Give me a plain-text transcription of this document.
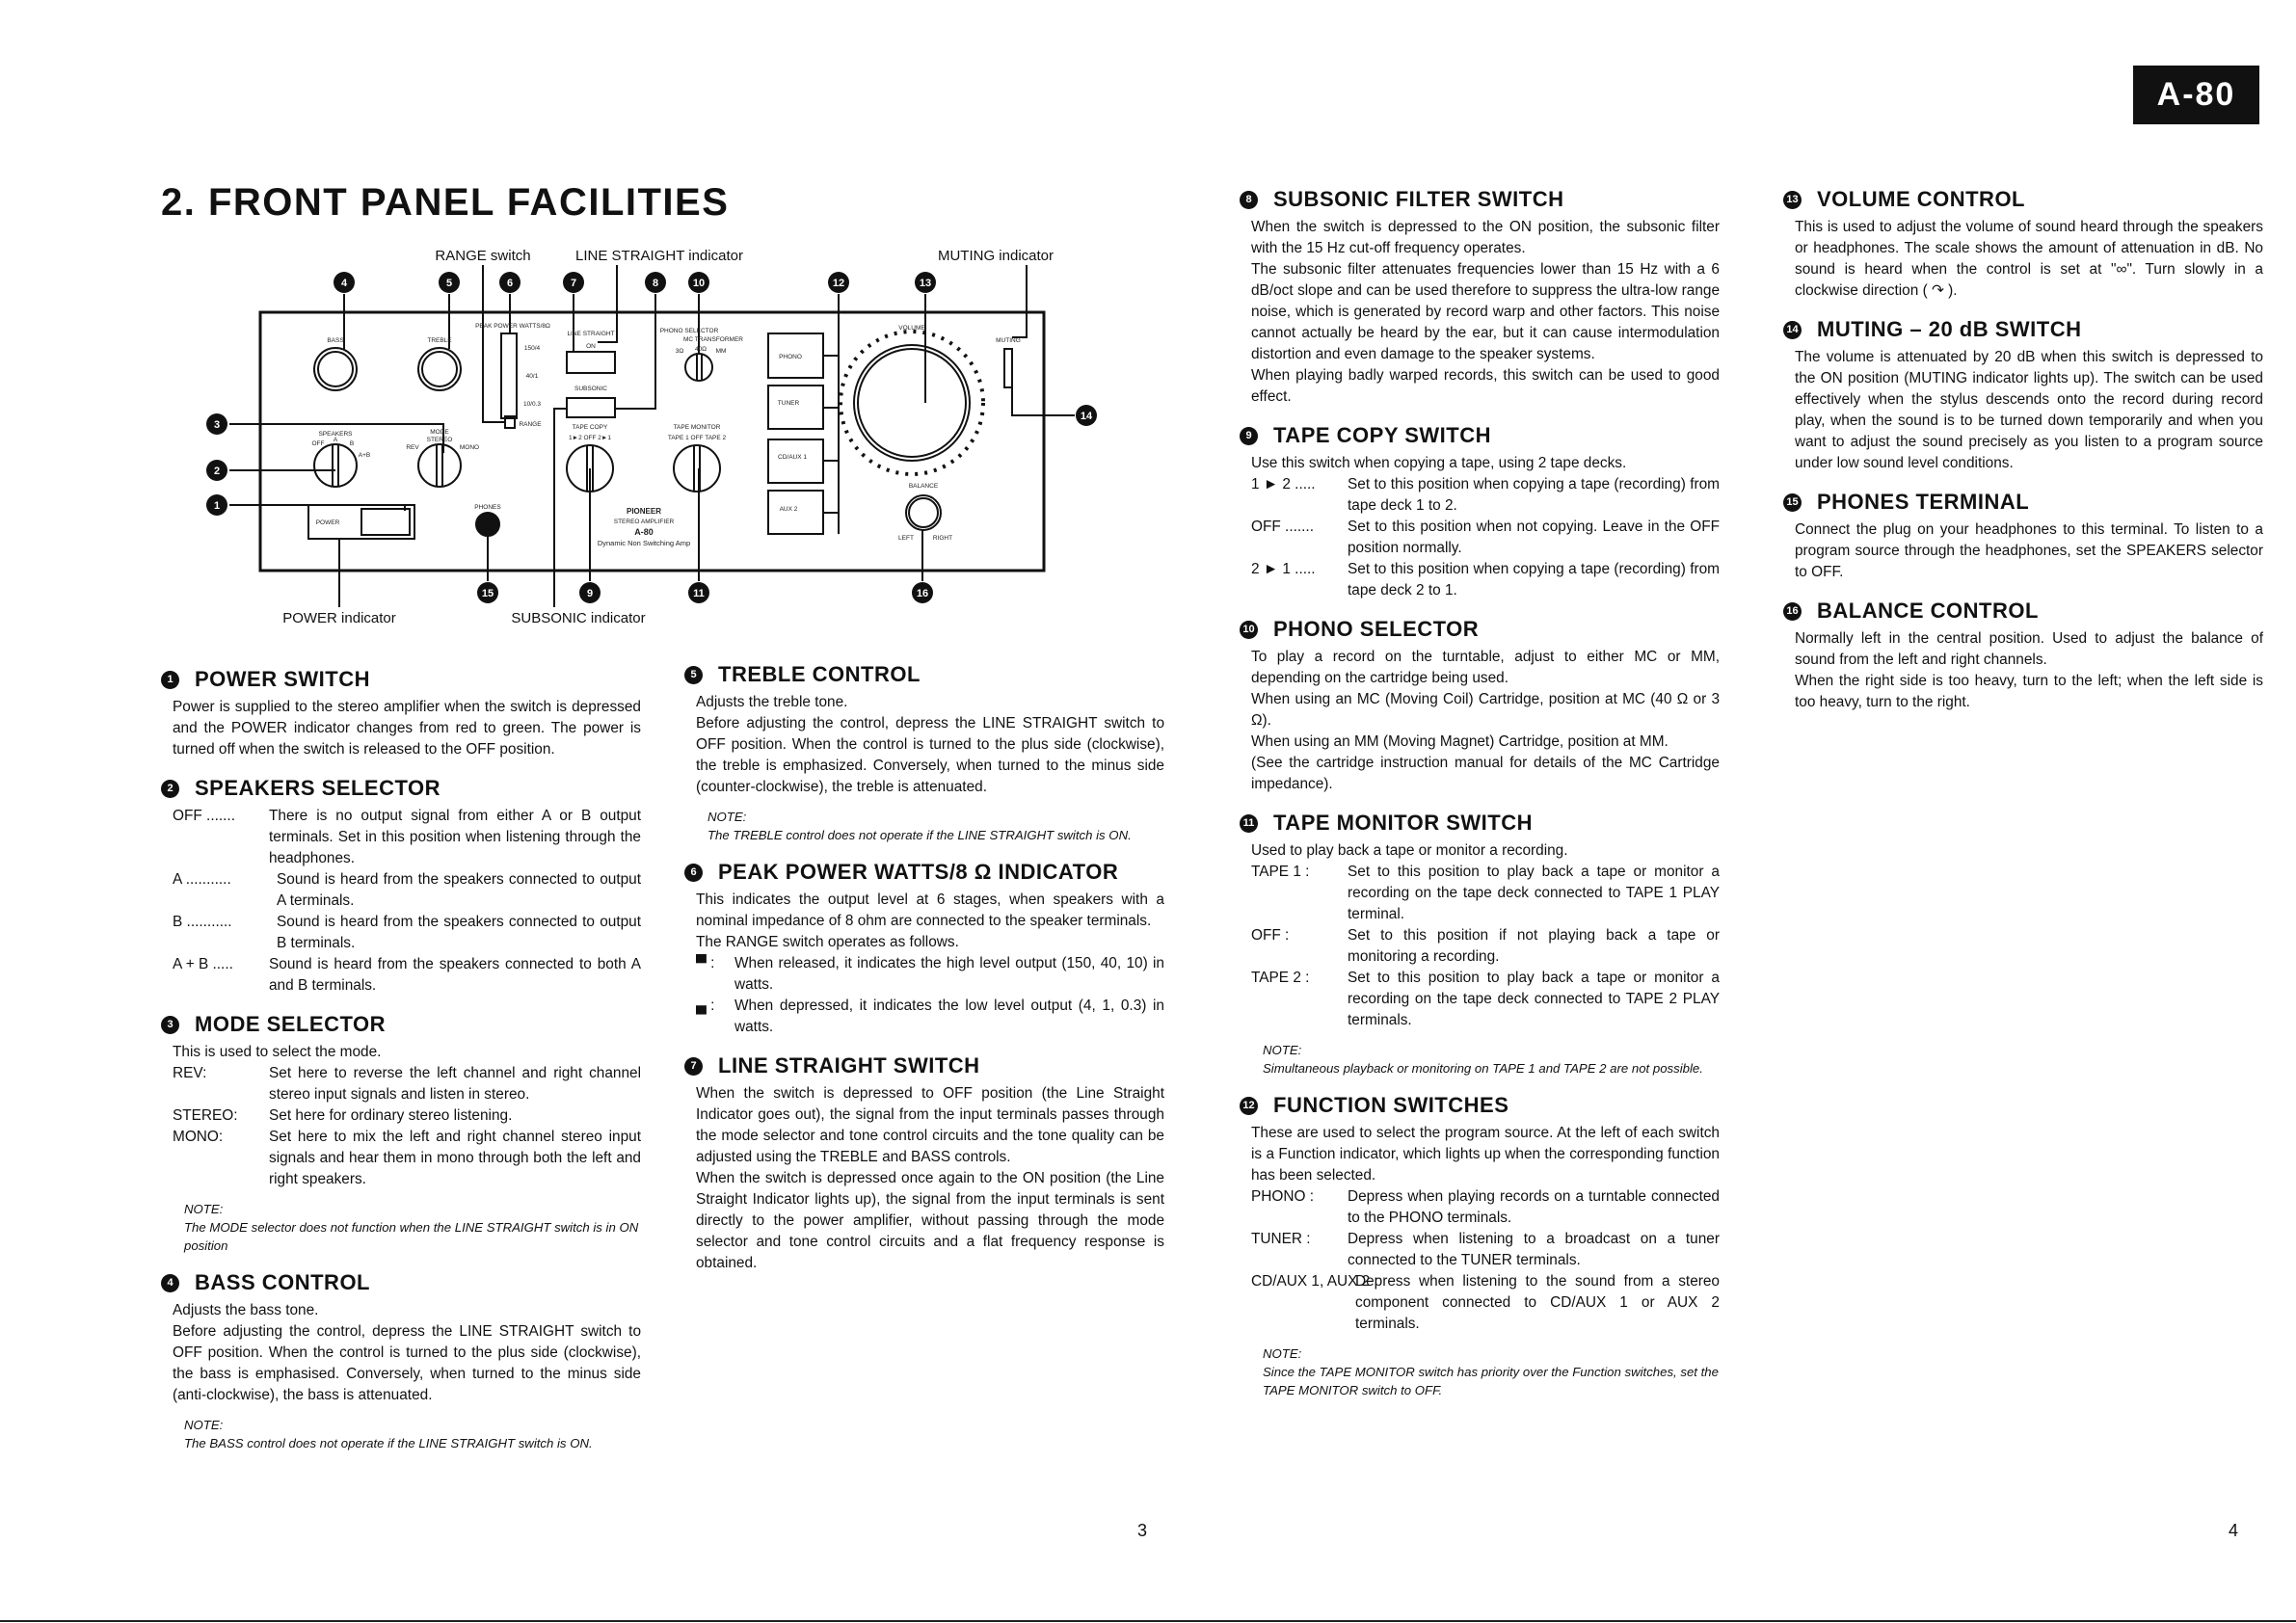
2. FRONT PANEL FACILITIES
A-80
RANGE switch	LINE STRAIGHT indicator	MUTING indicator
POWER indicator	SUBSONIC indicator
BASS	TREBLE
PEAK POWER WATTS/8Ω
150/4
40/1
10/0.3
RANGE
LINE STRAIGHT
ON
SUBSONIC
PHONO SELECTOR
MC TRANSFORMER
3Ω 40Ω MM
PHONO
TUNER
CD/AUX 1
AUX 2
VOLUME
MUTING
SPEAKERS
OFF
A
B
A+B
MODE
REV
STEREO
MONO
TAPE COPY
1►2 OFF 2►1
TAPE MONITOR
TAPE 1 OFF TAPE 2
POWER
PHONES	PIONEER
STEREO AMPLIFIER
A-80
Dynamic Non Switching Amp
BALANCE
LEFT	RIGHT
1
2
3
4	5	6	7	8
9
10
11
12	13
14
15	16
1 POWER SWITCH

Power is supplied to the stereo amplifier when the switch is depressed and the POWER indicator changes from red to green. The power is turned off when the switch is released to the OFF position.

2 SPEAKERS SELECTOR
OFF .......	There is no output signal from either A or B output terminals. Set in this position when listening through the headphones.
A ...........	Sound is heard from the speakers connected to output A terminals.
B ...........	Sound is heard from the speakers connected to output B terminals.
A + B .....	Sound is heard from the speakers connected to both A and B terminals.
3 MODE SELECTOR

This is used to select the mode.

REV:	Set here to reverse the left channel and right channel stereo input signals and listen in stereo.
STEREO:	Set here for ordinary stereo listening.
MONO:	Set here to mix the left and right channel stereo input signals and hear them in mono through both the left and right speakers.
NOTE:
The MODE selector does not function when the LINE STRAIGHT switch is in ON position
4 BASS CONTROL

Adjusts the bass tone.

Before adjusting the control, depress the LINE STRAIGHT switch to OFF position. When the control is turned to the plus side (clockwise), the bass is emphasised. Conversely, when turned to the minus side (anti-clockwise), the bass is attenuated.

NOTE:
The BASS control does not operate if the LINE STRAIGHT switch is ON.
5 TREBLE CONTROL

Adjusts the treble tone.

Before adjusting the control, depress the LINE STRAIGHT switch to OFF position. When the control is turned to the plus side (clockwise), the treble is emphasized. Conversely, when turned to the minus side (counter-clockwise), the treble is attenuated.

NOTE:
The TREBLE control does not operate if the LINE STRAIGHT switch is ON.
6 PEAK POWER WATTS/8 Ω INDICATOR

This indicates the output level at 6 stages, when speakers with a nominal impedance of 8 ohm are connected to the speaker terminals.

The RANGE switch operates as follows.

▀ :	When released, it indicates the high level output (150, 40, 10) in watts.
▄ :	When depressed, it indicates the low level output (4, 1, 0.3) in watts.
7 LINE STRAIGHT SWITCH

When the switch is depressed to OFF position (the Line Straight Indicator goes out), the signal from the input terminals passes through the mode selector and tone control circuits and the tone quality can be adjusted using the TREBLE and BASS controls.

When the switch is depressed once again to the ON position (the Line Straight Indicator lights up), the signal from the input terminals is sent directly to the power amplifier, without passing through the mode selector and tone control circuits and a flat frequency response is obtained.

8 SUBSONIC FILTER SWITCH

When the switch is depressed to the ON position, the subsonic filter with the 15 Hz cut-off frequency operates.

The subsonic filter attenuates frequencies lower than 15 Hz with a 6 dB/oct slope and can be used therefore to suppress the ultra-low range noise, which is generated by record warp and other factors. This noise cannot actually be heard by the ear, but it can cause intermodulation distortion and even damage to the speaker systems.

When playing badly warped records, this switch can be used to good effect.

9 TAPE COPY SWITCH

Use this switch when copying a tape, using 2 tape decks.

1 ► 2 .....	Set to this position when copying a tape (recording) from tape deck 1 to 2.
OFF .......	Set to this position when not copying. Leave in the OFF position normally.
2 ► 1 .....	Set to this position when copying a tape (recording) from tape deck 2 to 1.
10 PHONO SELECTOR

To play a record on the turntable, adjust to either MC or MM, depending on the cartridge being used.

When using an MC (Moving Coil) Cartridge, position at MC (40 Ω or 3 Ω).

When using an MM (Moving Magnet) Cartridge, position at MM.

(See the cartridge instruction manual for details of the MC Cartridge impedance).

11 TAPE MONITOR SWITCH

Used to play back a tape or monitor a recording.

TAPE 1 :	Set to this position to play back a tape or monitor a recording on the tape deck connected to TAPE 1 PLAY terminal.
OFF :	Set to this position if not playing back a tape or monitoring a recording.
TAPE 2 :	Set to this position to play back a tape or monitor a recording on the tape deck connected to TAPE 2 PLAY terminals.
NOTE:
Simultaneous playback or monitoring on TAPE 1 and TAPE 2 are not possible.
12 FUNCTION SWITCHES

These are used to select the program source. At the left of each switch is a Function indicator, which lights up when the corresponding function has been selected.

PHONO :	Depress when playing records on a turntable connected to the PHONO terminals.
TUNER :	Depress when listening to a broadcast on a tuner connected to the TUNER terminals.
CD/AUX 1, AUX 2 :
Depress when listening to the sound from a stereo component connected to CD/AUX 1 or AUX 2 terminals.
NOTE:
Since the TAPE MONITOR switch has priority over the Function switches, set the TAPE MONITOR switch to OFF.
13 VOLUME CONTROL

This is used to adjust the volume of sound heard through the speakers or headphones. The scale shows the amount of attenuation in dB. No sound is heard when the control is set at "∞". Turn slowly in a clockwise direction ( ↷ ).

14 MUTING – 20 dB SWITCH

The volume is attenuated by 20 dB when this switch is depressed to the ON position (MUTING indicator lights up). The switch can be used effectively when the stylus descends onto the record during record play, when the sound is to be turned down temporarily and when you want to adjust the sound precisely as you listen to a program source under low sound level conditions.

15 PHONES TERMINAL

Connect the plug on your headphones to this terminal. To listen to a program source through the headphones, set the SPEAKERS selector to OFF.

16 BALANCE CONTROL

Normally left in the central position. Used to adjust the balance of sound from the left and right channels.

When the right side is too heavy, turn to the left; when the left side is too heavy, turn to the right.

3	4
